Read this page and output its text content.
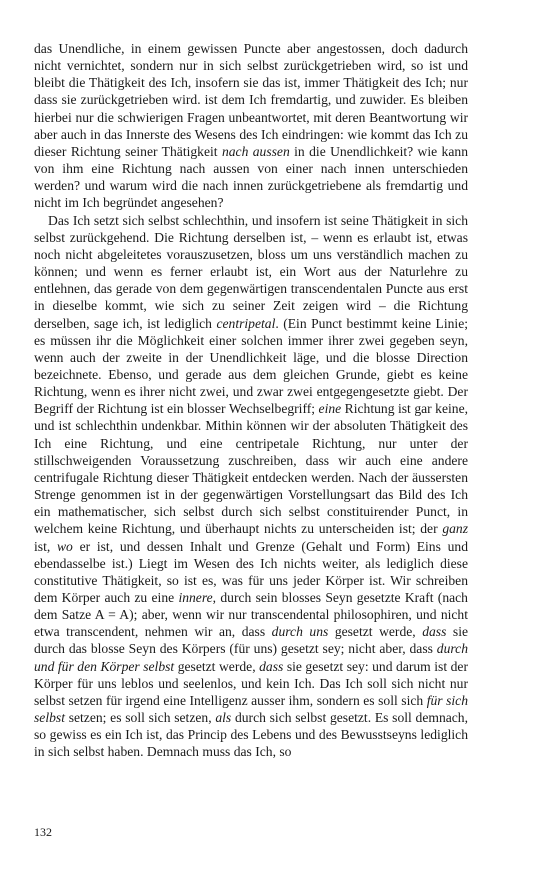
das Unendliche, in einem gewissen Puncte aber angestossen, doch dadurch nicht vernichtet, sondern nur in sich selbst zurückgetrieben wird, so ist und bleibt die Thätigkeit des Ich, insofern sie das ist, immer Thätigkeit des Ich; nur dass sie zurückgetrieben wird. ist dem Ich fremdartig, und zuwider. Es bleiben hierbei nur die schwierigen Fragen unbeantwortet, mit deren Beantwortung wir aber auch in das Innerste des Wesens des Ich eindringen: wie kommt das Ich zu dieser Richtung seiner Thätigkeit nach aussen in die Unendlichkeit? wie kann von ihm eine Richtung nach aussen von einer nach innen unterschieden werden? und warum wird die nach innen zurückgetriebene als fremdartig und nicht im Ich begründet angesehen?

Das Ich setzt sich selbst schlechthin, und insofern ist seine Thätigkeit in sich selbst zurückgehend. Die Richtung derselben ist, – wenn es erlaubt ist, etwas noch nicht abgeleitetes vorauszusetzen, bloss um uns verständlich machen zu können; und wenn es ferner erlaubt ist, ein Wort aus der Naturlehre zu entlehnen, das gerade von dem gegenwärtigen transcendentalen Puncte aus erst in dieselbe kommt, wie sich zu seiner Zeit zeigen wird – die Richtung derselben, sage ich, ist lediglich centripetal. (Ein Punct bestimmt keine Linie; es müssen ihr die Möglichkeit einer solchen immer ihrer zwei gegeben seyn, wenn auch der zweite in der Unendlichkeit läge, und die blosse Direction bezeichnete. Ebenso, und gerade aus dem gleichen Grunde, giebt es keine Richtung, wenn es ihrer nicht zwei, und zwar zwei entgegengesetzte giebt. Der Begriff der Richtung ist ein blosser Wechselbegriff; eine Richtung ist gar keine, und ist schlechthin undenkbar. Mithin können wir der absoluten Thätigkeit des Ich eine Richtung, und eine centripetale Richtung, nur unter der stillschweigenden Voraussetzung zuschreiben, dass wir auch eine andere centrifugale Richtung dieser Thätigkeit entdecken werden. Nach der äussersten Strenge genommen ist in der gegenwärtigen Vorstellungsart das Bild des Ich ein mathematischer, sich selbst durch sich selbst constituirender Punct, in welchem keine Richtung, und überhaupt nichts zu unterscheiden ist; der ganz ist, wo er ist, und dessen Inhalt und Grenze (Gehalt und Form) Eins und ebendasselbe ist.) Liegt im Wesen des Ich nichts weiter, als lediglich diese constitutive Thätigkeit, so ist es, was für uns jeder Körper ist. Wir schreiben dem Körper auch zu eine innere, durch sein blosses Seyn gesetzte Kraft (nach dem Satze A = A); aber, wenn wir nur transcendental philosophiren, und nicht etwa transcendent, nehmen wir an, dass durch uns gesetzt werde, dass sie durch das blosse Seyn des Körpers (für uns) gesetzt sey; nicht aber, dass durch und für den Körper selbst gesetzt werde, dass sie gesetzt sey: und darum ist der Körper für uns leblos und seelenlos, und kein Ich. Das Ich soll sich nicht nur selbst setzen für irgend eine Intelligenz ausser ihm, sondern es soll sich für sich selbst setzen; es soll sich setzen, als durch sich selbst gesetzt. Es soll demnach, so gewiss es ein Ich ist, das Princip des Lebens und des Bewusstseyns lediglich in sich selbst haben. Demnach muss das Ich, so

132
